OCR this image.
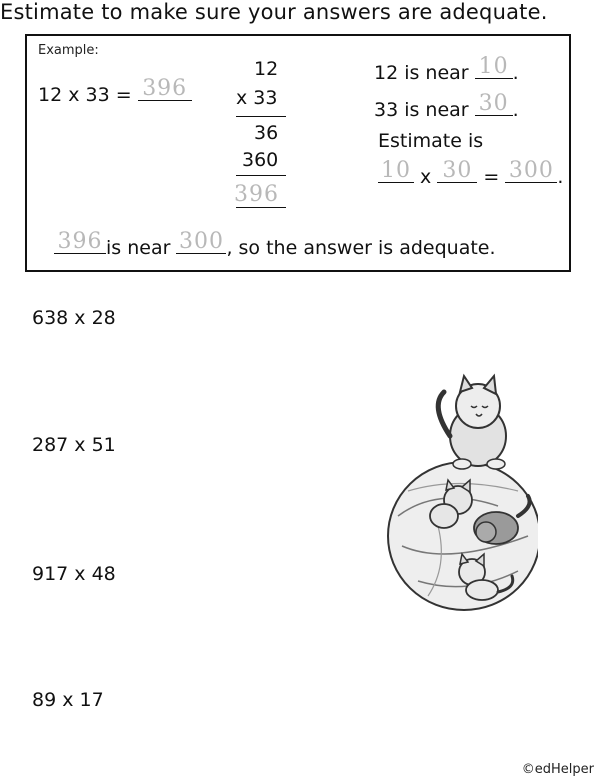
Estimate to make sure your answers are adequate.
Example:
12 x 33 = 396
12
x 33
36
360
396
12 is near 10 .
33 is near 30 .
Estimate is
10 x 30 = 300 .
396 is near 300 , so the answer is adequate.
638 x 28
287 x 51
917 x 48
89 x 17
©edHelper
